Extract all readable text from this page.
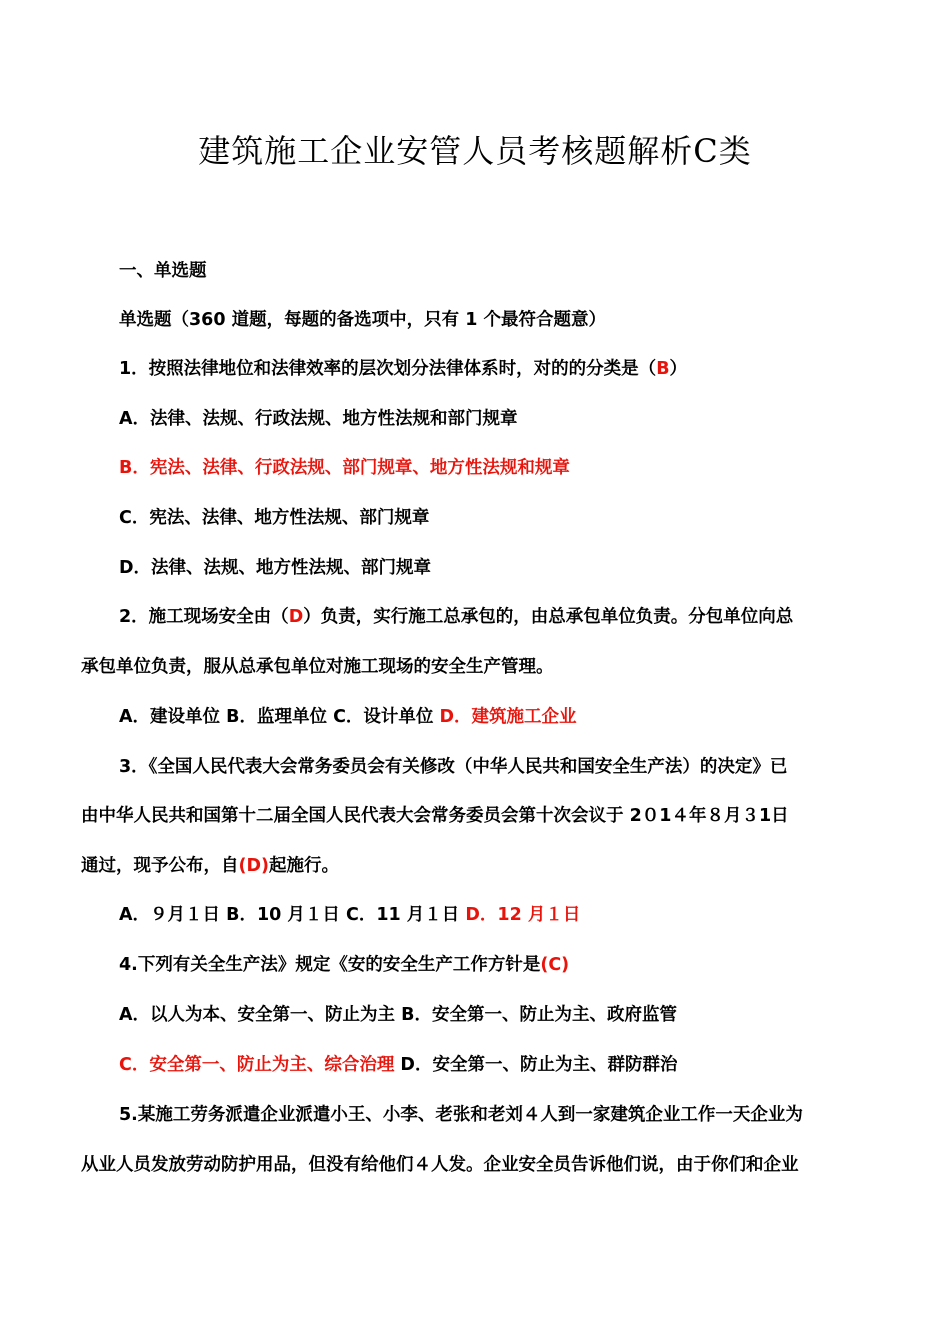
建筑施工企业安管人员考核题解析C类
一、单选题
单选题（360 道题，每题的备选项中，只有 1 个最符合题意）
1．按照法律地位和法律效率的层次划分法律体系时，对的的分类是（B）
A．法律、法规、行政法规、地方性法规和部门规章
B．宪法、法律、行政法规、部门规章、地方性法规和规章
C．宪法、法律、地方性法规、部门规章
D．法律、法规、地方性法规、部门规章
2．施工现场安全由（D）负责，实行施工总承包的，由总承包单位负责。分包单位向总
承包单位负责，服从总承包单位对施工现场的安全生产管理。
A．建设单位 B．监理单位 C．设计单位 D．建筑施工企业
3．《全国人民代表大会常务委员会有关修改（中华人民共和国安全生产法）的决定》已
由中华人民共和国第十二届全国人民代表大会常务委员会第十次会议于 2０1４年８月３1日
通过，现予公布，自(D)起施行。
A．９月１日 B．10 月１日 C．11 月１日 D．12 月１日
4.下列有关全生产法》规定《安的安全生产工作方针是(C)
A．以人为本、安全第一、防止为主 B．安全第一、防止为主、政府监管
C．安全第一、防止为主、综合治理 D．安全第一、防止为主、群防群治
5.某施工劳务派遣企业派遣小王、小李、老张和老刘４人到一家建筑企业工作一天企业为
从业人员发放劳动防护用品，但没有给他们４人发。企业安全员告诉他们说，由于你们和企业
